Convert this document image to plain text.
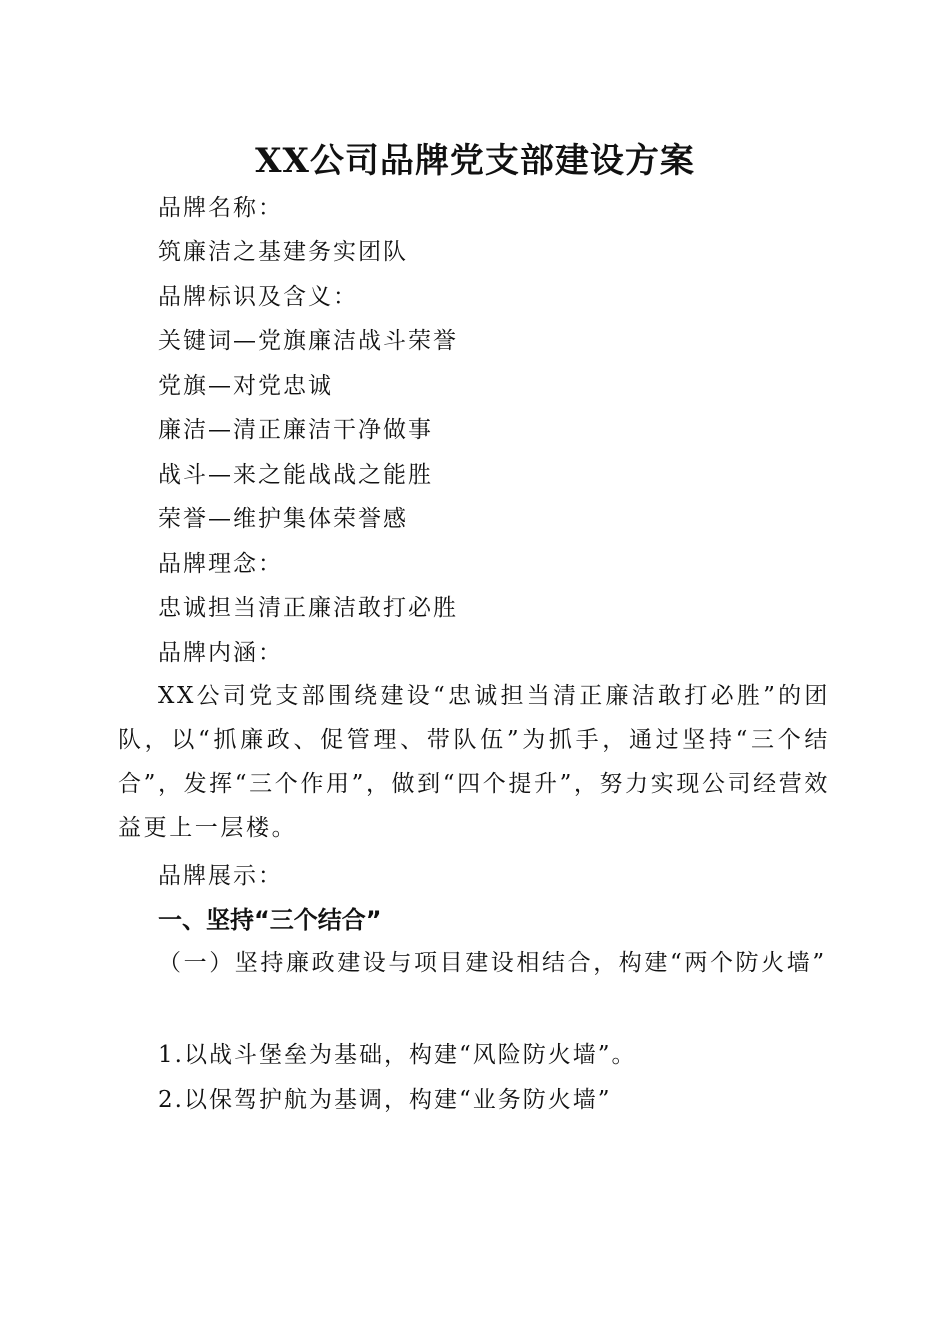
XX公司品牌党支部建设方案
品牌名称：
筑廉洁之基建务实团队
品牌标识及含义：
关键词—党旗廉洁战斗荣誉
党旗—对党忠诚
廉洁—清正廉洁干净做事
战斗—来之能战战之能胜
荣誉—维护集体荣誉感
品牌理念：
忠诚担当清正廉洁敢打必胜
品牌内涵：
XX公司党支部围绕建设“忠诚担当清正廉洁敢打必胜”的团队，以“抓廉政、促管理、带队伍”为抓手，通过坚持“三个结合”，发挥“三个作用”，做到“四个提升”，努力实现公司经营效益更上一层楼。
品牌展示：
一、坚持“三个结合”
（一）坚持廉政建设与项目建设相结合，构建“两个防火墙”
1.以战斗堡垒为基础，构建“风险防火墙”。
2.以保驾护航为基调，构建“业务防火墙”
